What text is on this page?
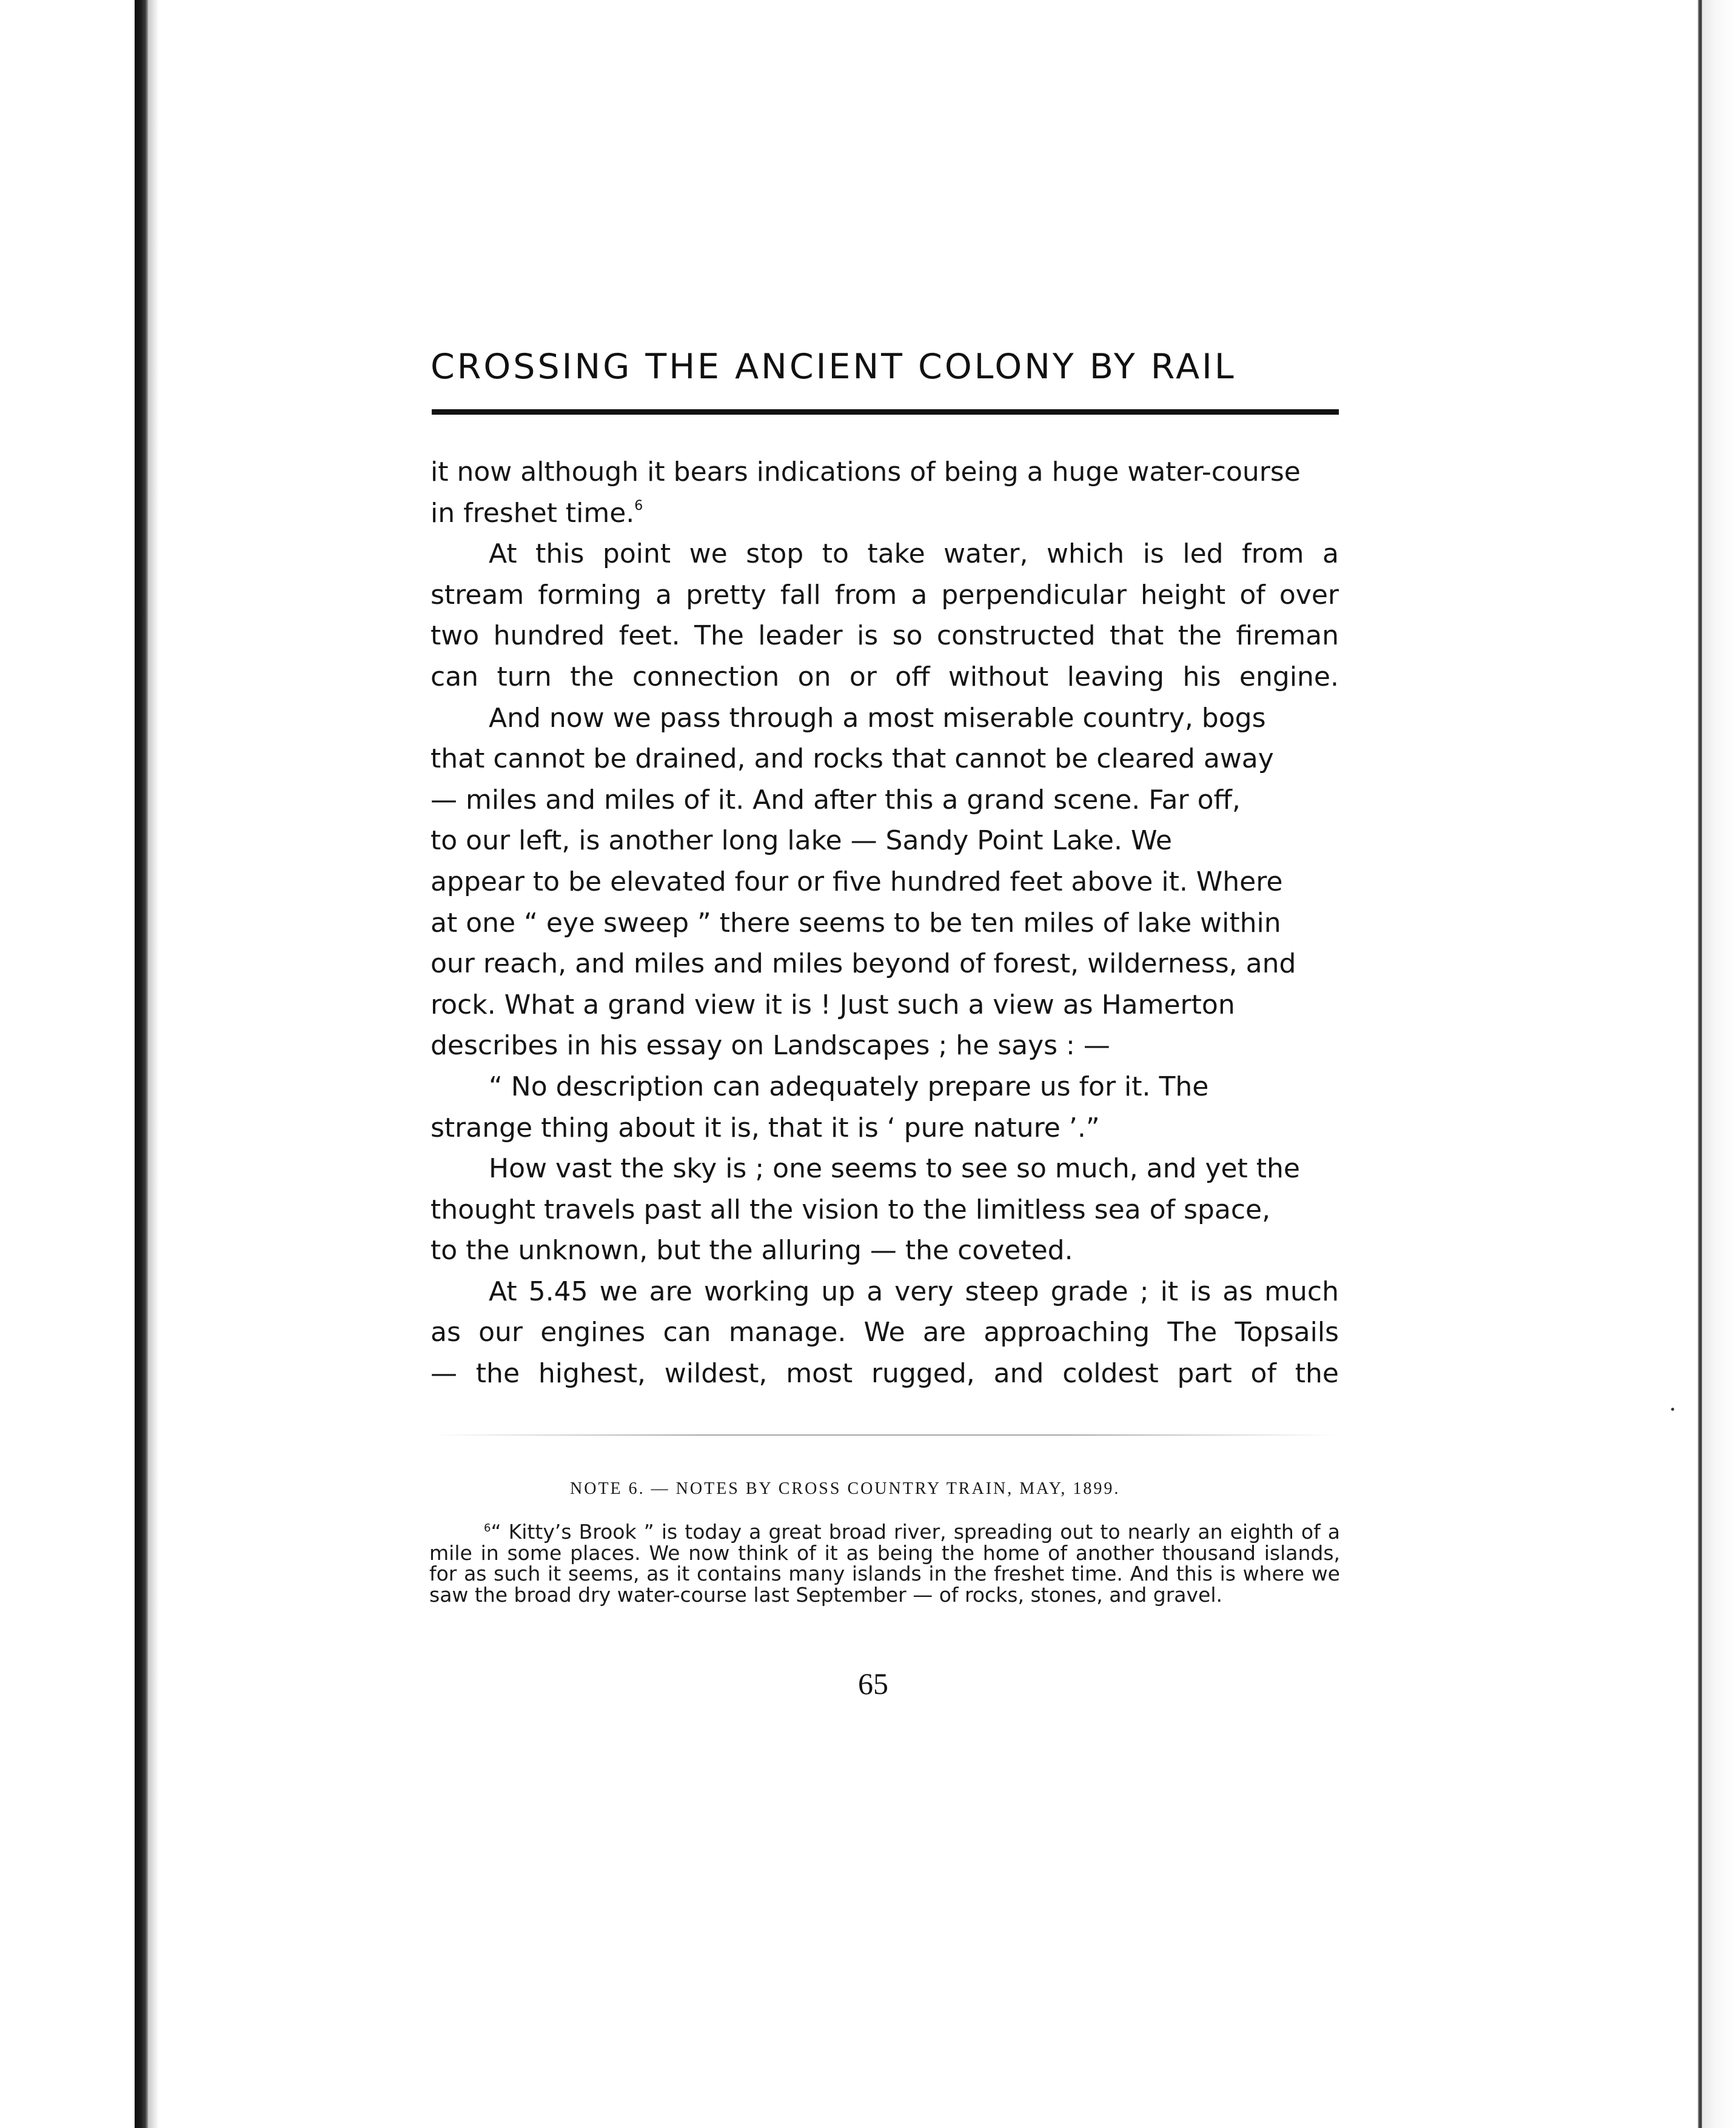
CROSSING THE ANCIENT COLONY BY RAIL

it now although it bears indications of being a huge water-course
in freshet time.$^6$

At this point we stop to take water, which is led from a
stream forming a pretty fall from a perpendicular height of over
two hundred feet. The leader is so constructed that the fireman
can turn the connection on or off without leaving his engine.

And now we pass through a most miserable country, bogs
that cannot be drained, and rocks that cannot be cleared away
— miles and miles of it. And after this a grand scene. Far off,
to our left, is another long lake — Sandy Point Lake. We
appear to be elevated four or five hundred feet above it. Where
at one “ eye sweep ” there seems to be ten miles of lake within
our reach, and miles and miles beyond of forest, wilderness, and
rock. What a grand view it is ! Just such a view as Hamerton
describes in his essay on Landscapes ; he says : —

“ No description can adequately prepare us for it. The
strange thing about it is, that it is ‘ pure nature ’.”

How vast the sky is ; one seems to see so much, and yet the
thought travels past all the vision to the limitless sea of space,
to the unknown, but the alluring — the coveted.

At 5.45 we are working up a very steep grade ; it is as much
as our engines can manage. We are approaching The Topsails
— the highest, wildest, most rugged, and coldest part of the

NOTE 6. — NOTES BY CROSS COUNTRY TRAIN, MAY, 1899.

$^6$“ Kitty’s Brook ” is today a great broad river, spreading out to nearly an eighth of a mile in some places. We now think of it as being the home of another thousand islands, for as such it seems, as it contains many islands in the freshet time. And this is where we saw the broad dry water-course last September — of rocks, stones, and gravel.

65
